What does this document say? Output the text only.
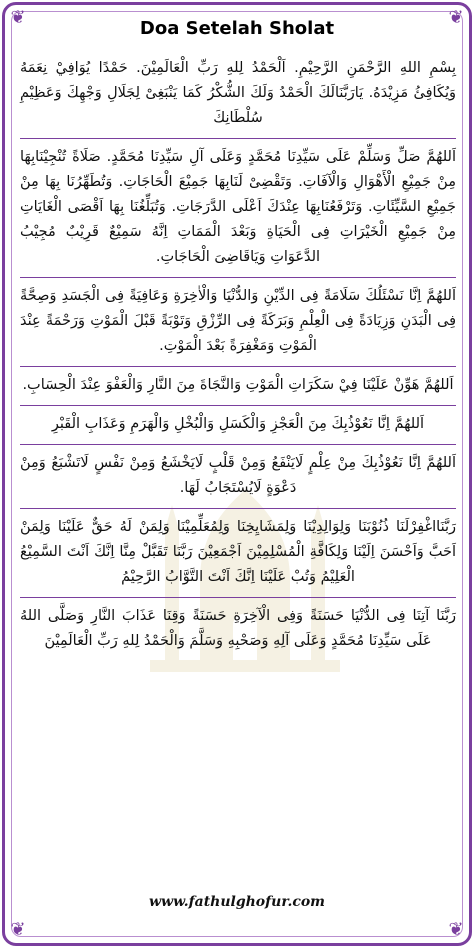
❦	❦
❦	❦
Doa Setelah Sholat
بِسْمِ اللهِ الرَّحْمَنِ الرَّحِيْمِ. اَلْحَمْدُ لِلهِ رَبِّ الْعَالَمِيْنَ. حَمْدًا يُوَافِيْ نِعَمَهُ وَيُكَافِئُ مَزِيْدَهُ. يَارَبَّنَالَكَ الْحَمْدُ وَلَكَ الشُّكْرُ كَمَا يَنْبَغِىْ لِجَلَالِ وَجْهِكَ وَعَظِيْمِ سُلْطَانِكَ
اَللهُمَّ صَلِّ وَسَلِّمْ عَلَى سَيِّدِنَا مُحَمَّدٍ وَعَلَى آلِ سَيِّدِنَا مُحَمَّدٍ. صَلَاةً تُنْجِيْنَابِهَا مِنْ جَمِيْعِ الْأَهْوَالِ وَالْآفَاتِ. وَتَقْضِىْ لَنَابِهَا جَمِيْعَ الْحَاجَاتِ. وَتُطَهِّرُنَا بِهَا مِنْ جَمِيْعِ السَّيِّئَاتِ. وَتَرْفَعُنَابِهَا عِنْدَكَ اَعْلَى الدَّرَجَاتِ. وَتُبَلِّغُنَا بِهَا اَقْصَى الْغَايَاتِ مِنْ جَمِيْعِ الْخَيْرَاتِ فِى الْحَيَاةِ وَبَعْدَ الْمَمَاتِ اِنَّهُ سَمِيْعٌ قَرِيْبٌ مُجِيْبُ الدَّعَوَاتِ وَيَاقَاضِىَ الْحَاجَاتِ.
اَللهُمَّ اِنَّا نَسْئَلُكَ سَلَامَةً فِى الدِّيْنِ وَالدُّنْيَا وَالْاٰخِرَةِ وَعَافِيَةً فِى الْجَسَدِ وَصِحَّةً فِى الْبَدَنِ وَزِيَادَةً فِى الْعِلْمِ وَبَرَكَةً فِى الرِّزْقِ وَتَوْبَةً قَبْلَ الْمَوْتِ وَرَحْمَةً عِنْدَ الْمَوْتِ وَمَغْفِرَةً بَعْدَ الْمَوْتِ.
اَللهُمَّ هَوِّنْ عَلَيْنَا فِيْ سَكَرَاتِ الْمَوْتِ وَالنَّجَاةَ مِنَ النَّارِ وَالْعَفْوَ عِنْدَ الْحِسَابِ.
اَللهُمَّ اِنَّا نَعُوْذُبِكَ مِنَ الْعَجْزِ وَالْكَسَلِ وَالْبُخْلِ وَالْهَرَمِ وَعَذَابِ الْقَبْرِ
اَللهُمَّ اِنَّا نَعُوْذُبِكَ مِنْ عِلْمٍ لَايَنْفَعُ وَمِنْ قَلْبٍ لَايَخْشَعُ وَمِنْ نَفْسٍ لَاتَشْبَعُ وَمِنْ دَعْوَةٍ لَايُسْتَجَابُ لَهَا.
رَبَّنَااغْفِرْلَنَا ذُنُوْبَنَا وَلِوَالِدِيْنَا وَلِمَشَايِخِنَا وَلِمُعَلِّمِيْنَا وَلِمَنْ لَهُ حَقٌّ عَلَيْنَا وَلِمَنْ اَحَبَّ وَاَحْسَنَ اِلَيْنَا وَلِكَافَّةِ الْمُسْلِمِيْنَ اَجْمَعِيْنَ رَبَّنَا تَقَبَّلْ مِنَّا اِنَّكَ اَنْتَ السَّمِيْعُ الْعَلِيْمُ وَتُبْ عَلَيْنَا اِنَّكَ اَنْتَ التَّوَّابُ الرَّحِيْمُ
رَبَّنَا آتِنَا فِى الدُّنْيَا حَسَنَةً وَفِى الْآخِرَةِ حَسَنَةً وَقِنَا عَذَابَ النَّارِ وَصَلَّى اللهُ عَلَى سَيِّدِنَا مُحَمَّدٍ وَعَلَى آلِهِ وَصَحْبِهِ وَسَلَّمَ وَالْحَمْدُ لِلهِ رَبِّ الْعَالَمِيْنَ
www.fathulghofur.com
